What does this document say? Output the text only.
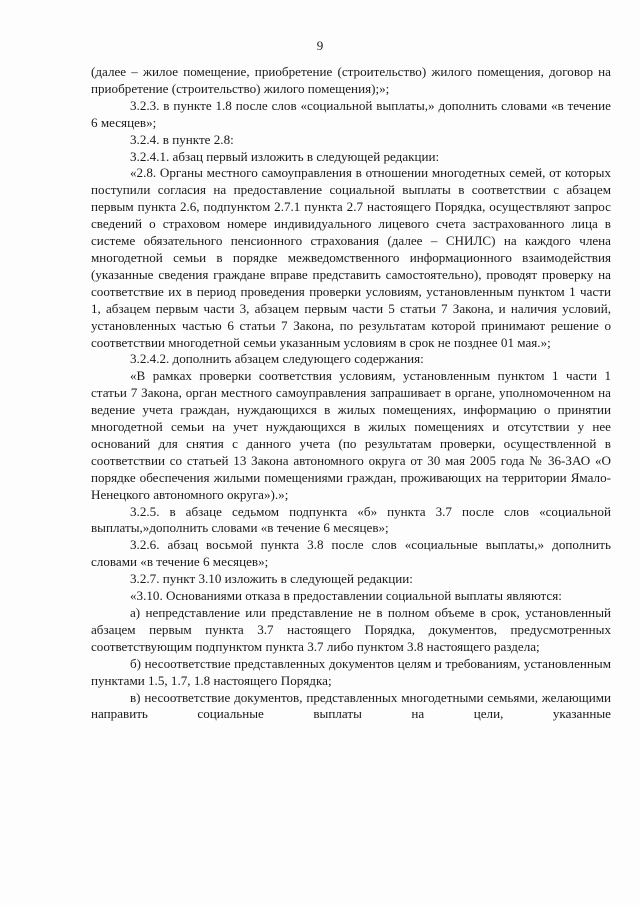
9

(далее – жилое помещение, приобретение (строительство) жилого помещения, договор на приобретение (строительство) жилого помещения);»;

3.2.3. в пункте 1.8 после слов «социальной выплаты,» дополнить словами «в течение 6 месяцев»;

3.2.4. в пункте 2.8:

3.2.4.1. абзац первый изложить в следующей редакции:

«2.8. Органы местного самоуправления в отношении многодетных семей, от которых поступили согласия на предоставление социальной выплаты в соответствии с абзацем первым пункта 2.6, подпунктом 2.7.1 пункта 2.7 настоящего Порядка, осуществляют запрос сведений о страховом номере индивидуального лицевого счета застрахованного лица в системе обязательного пенсионного страхования (далее – СНИЛС) на каждого члена многодетной семьи в порядке межведомственного информационного взаимодействия (указанные сведения граждане вправе представить самостоятельно), проводят проверку на соответствие их в период проведения проверки условиям, установленным пунктом 1 части 1, абзацем первым части 3, абзацем первым части 5 статьи 7 Закона, и наличия условий, установленных частью 6 статьи 7 Закона, по результатам которой принимают решение о соответствии многодетной семьи указанным условиям в срок не позднее 01 мая.»;

3.2.4.2. дополнить абзацем следующего содержания:

«В рамках проверки соответствия условиям, установленным пунктом 1 части 1 статьи 7 Закона, орган местного самоуправления запрашивает в органе, уполномоченном на ведение учета граждан, нуждающихся в жилых помещениях, информацию о принятии многодетной семьи на учет нуждающихся в жилых помещениях и отсутствии у нее оснований для снятия с данного учета (по результатам проверки, осуществленной в соответствии со статьей 13 Закона автономного округа от 30 мая 2005 года № 36-ЗАО «О порядке обеспечения жилыми помещениями граждан, проживающих на территории Ямало-Ненецкого автономного округа»).»;

3.2.5. в абзаце седьмом подпункта «б» пункта 3.7 после слов «социальной выплаты,»дополнить словами «в течение 6 месяцев»;

3.2.6. абзац восьмой пункта 3.8 после слов «социальные выплаты,» дополнить словами «в течение 6 месяцев»;

3.2.7. пункт 3.10 изложить в следующей редакции:

«3.10. Основаниями отказа в предоставлении социальной выплаты являются:

а) непредставление или представление не в полном объеме в срок, установленный абзацем первым пункта 3.7 настоящего Порядка, документов, предусмотренных соответствующим подпунктом пункта 3.7 либо пунктом 3.8 настоящего раздела;

б) несоответствие представленных документов целям и требованиям, установленным пунктами 1.5, 1.7, 1.8 настоящего Порядка;

в) несоответствие документов, представленных многодетными семьями, желающими направить социальные выплаты на цели, указанные
